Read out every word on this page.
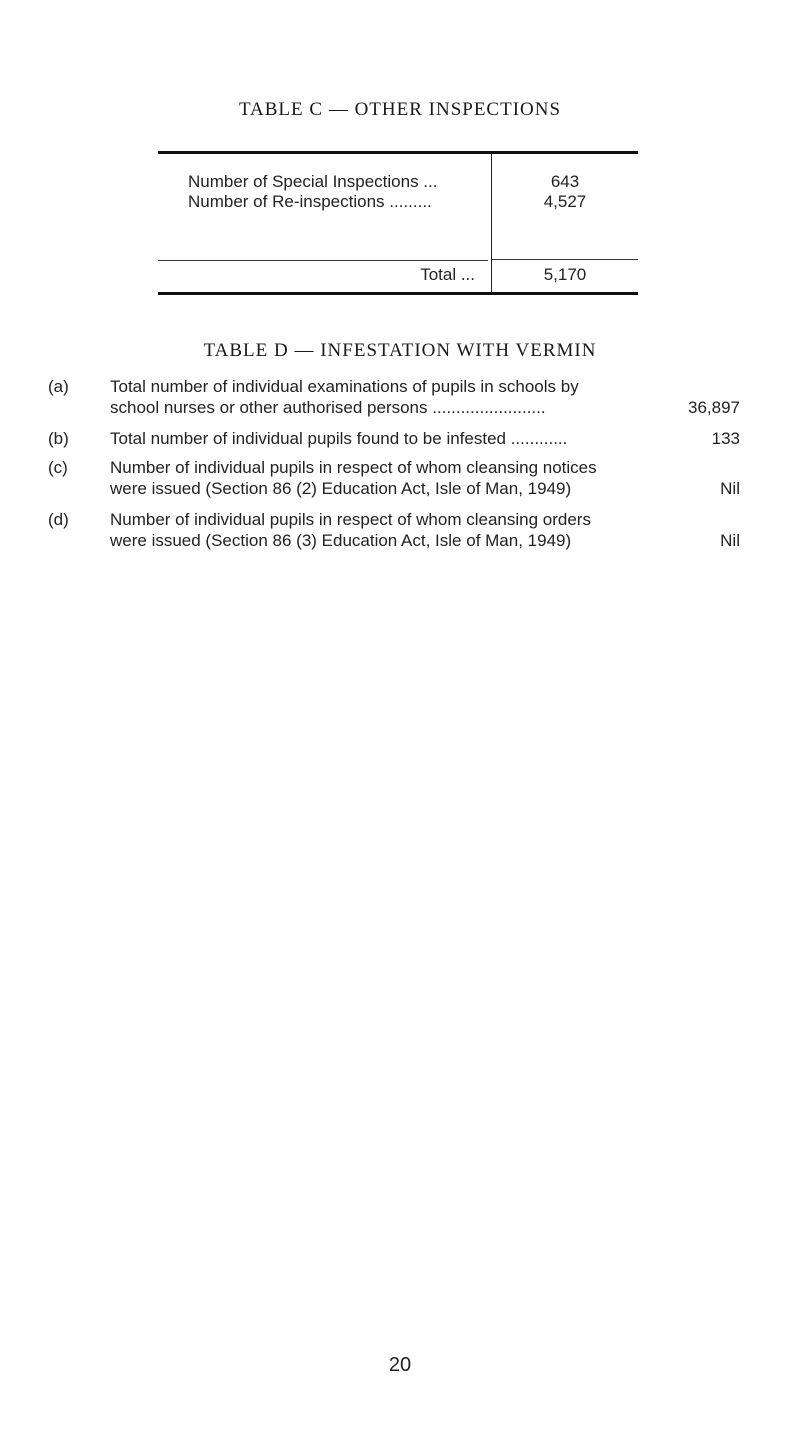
TABLE C — OTHER INSPECTIONS
Number of Special Inspections ...	643
Number of Re-inspections .........	4,527
Total ...	5,170
TABLE D — INFESTATION WITH VERMIN
(a) Total number of individual examinations of pupils in schools by
school nurses or other authorised persons ........................	36,897
(b) Total number of individual pupils found to be infested ............	133
(c) Number of individual pupils in respect of whom cleansing notices
were issued (Section 86 (2) Education Act, Isle of Man, 1949)	Nil
(d) Number of individual pupils in respect of whom cleansing orders
were issued (Section 86 (3) Education Act, Isle of Man, 1949)	Nil
20
